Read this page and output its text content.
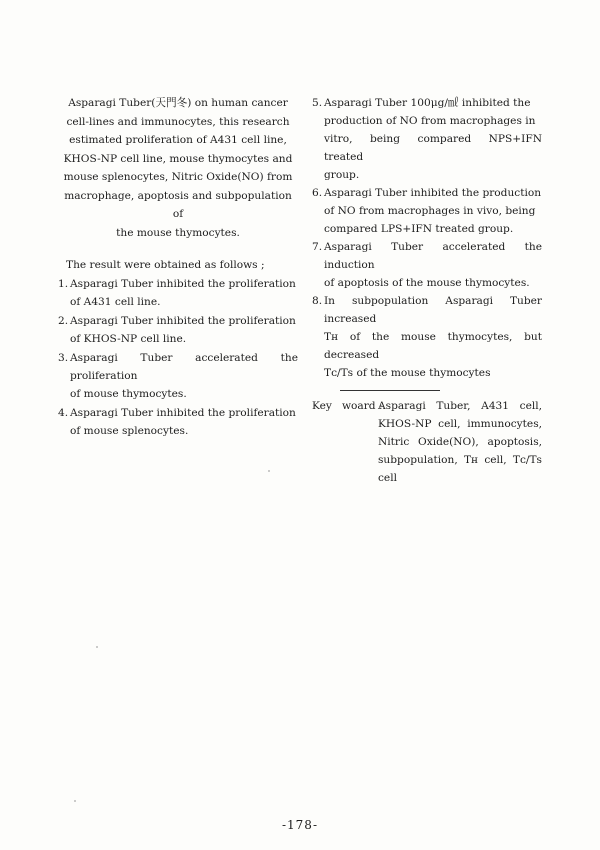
Asparagi Tuber(天門冬) on human cancer
cell-lines and immunocytes, this research
estimated proliferation of A431 cell line,
KHOS-NP cell line, mouse thymocytes and
mouse splenocytes, Nitric Oxide(NO) from
macrophage, apoptosis and subpopulation of
the mouse thymocytes.
The result were obtained as follows ;
1. Asparagi Tuber inhibited the proliferation
of A431 cell line.
2. Asparagi Tuber inhibited the proliferation
of KHOS-NP cell line.
3. Asparagi Tuber accelerated the proliferation
of mouse thymocytes.
4. Asparagi Tuber inhibited the proliferation
of mouse splenocytes.
5. Asparagi Tuber 100μg/㎖ inhibited the
production of NO from macrophages in
vitro, being compared NPS+IFN treated
group.
6. Asparagi Tuber inhibited the production
of NO from macrophages in vivo, being
compared LPS+IFN treated group.
7. Asparagi Tuber accelerated the induction
of apoptosis of the mouse thymocytes.
8. In subpopulation Asparagi Tuber increased
Tʜ of the mouse thymocytes, but decreased
Tᴄ/Tѕ of the mouse thymocytes
Key   woard :
Asparagi Tuber, A431 cell,
KHOS-NP cell, immunocytes,
Nitric Oxide(NO), apoptosis,
subpopulation, Tʜ cell, Tᴄ/Tѕ cell
-178-
